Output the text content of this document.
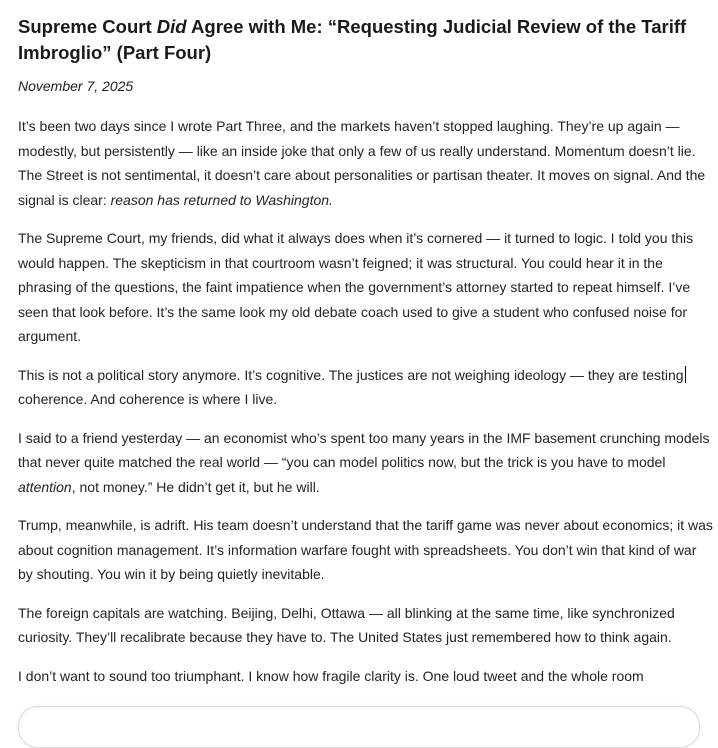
Supreme Court Did Agree with Me: “Requesting Judicial Review of the Tariff Imbroglio” (Part Four)

November 7, 2025

It’s been two days since I wrote Part Three, and the markets haven’t stopped laughing. They’re up again — modestly, but persistently — like an inside joke that only a few of us really understand. Momentum doesn’t lie. The Street is not sentimental, it doesn’t care about personalities or partisan theater. It moves on signal. And the signal is clear: reason has returned to Washington.

The Supreme Court, my friends, did what it always does when it’s cornered — it turned to logic. I told you this would happen. The skepticism in that courtroom wasn’t feigned; it was structural. You could hear it in the phrasing of the questions, the faint impatience when the government’s attorney started to repeat himself. I’ve seen that look before. It’s the same look my old debate coach used to give a student who confused noise for argument.

This is not a political story anymore. It’s cognitive. The justices are not weighing ideology — they are testing coherence. And coherence is where I live.

I said to a friend yesterday — an economist who’s spent too many years in the IMF basement crunching models that never quite matched the real world — “you can model politics now, but the trick is you have to model attention, not money.” He didn’t get it, but he will.

Trump, meanwhile, is adrift. His team doesn’t understand that the tariff game was never about economics; it was about cognition management. It’s information warfare fought with spreadsheets. You don’t win that kind of war by shouting. You win it by being quietly inevitable.

The foreign capitals are watching. Beijing, Delhi, Ottawa — all blinking at the same time, like synchronized curiosity. They’ll recalibrate because they have to. The United States just remembered how to think again.

I don’t want to sound too triumphant. I know how fragile clarity is. One loud tweet and the whole room
